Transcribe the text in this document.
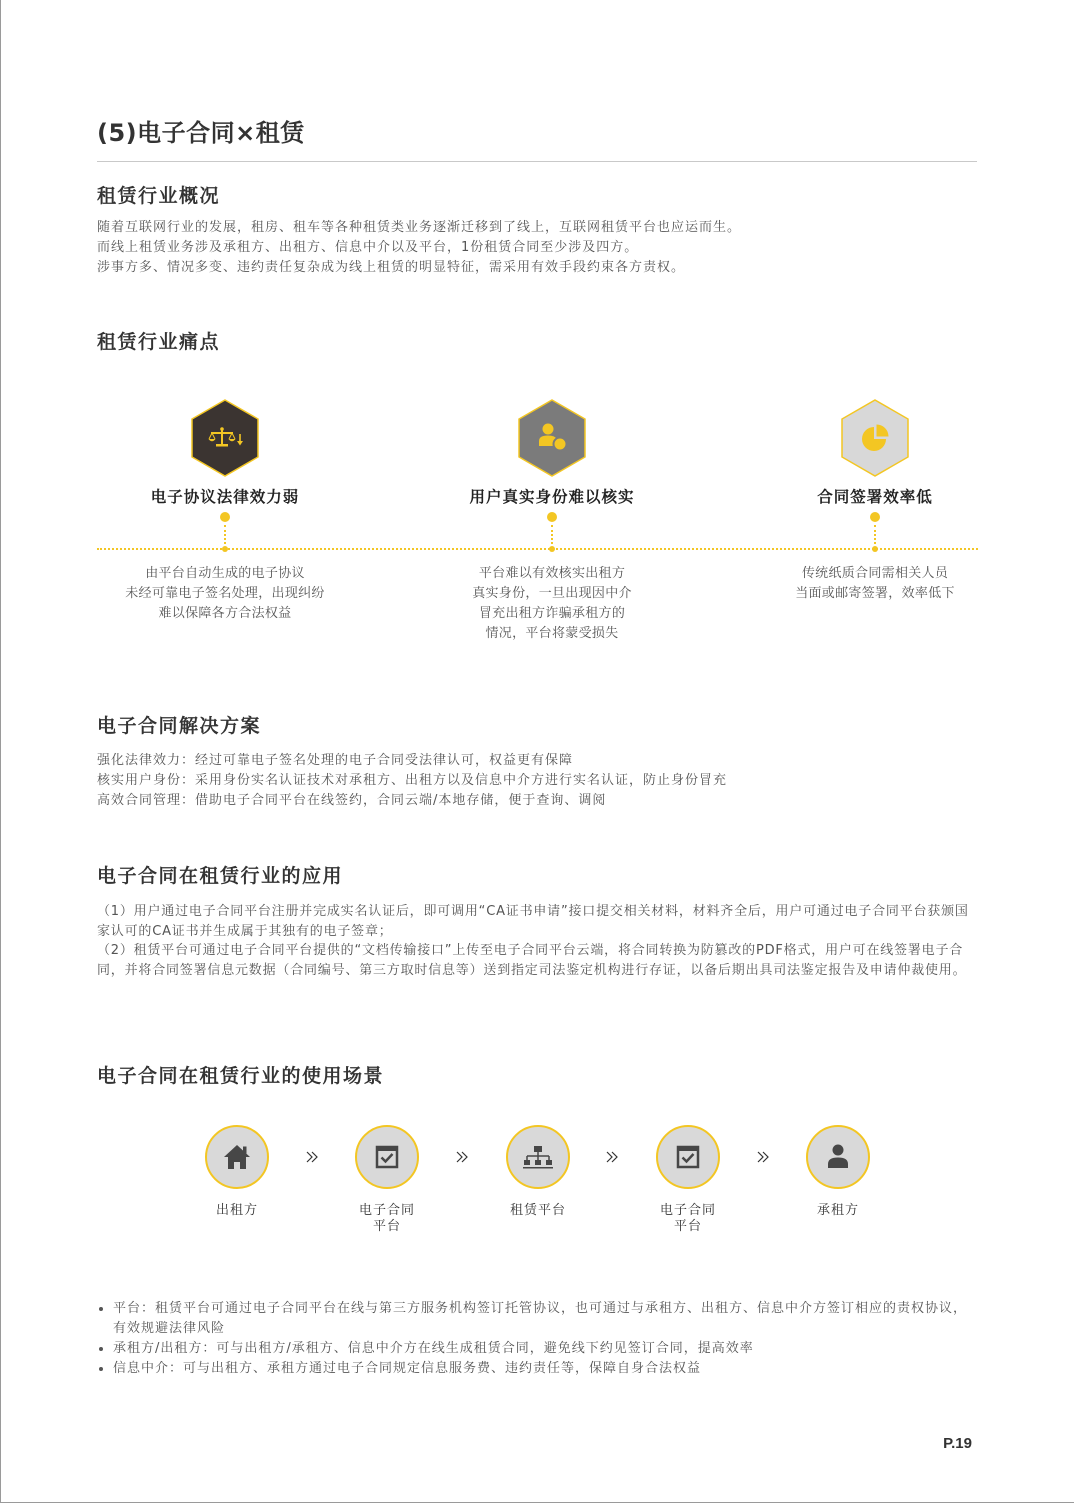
(5)电子合同×租赁
租赁行业概况
随着互联网行业的发展，租房、租车等各种租赁类业务逐渐迁移到了线上，互联网租赁平台也应运而生。
而线上租赁业务涉及承租方、出租方、信息中介以及平台，1份租赁合同至少涉及四方。
涉事方多、情况多变、违约责任复杂成为线上租赁的明显特征，需采用有效手段约束各方责权。
租赁行业痛点
电子协议法律效力弱
由平台自动生成的电子协议
未经可靠电子签名处理，出现纠纷
难以保障各方合法权益
用户真实身份难以核实
平台难以有效核实出租方
真实身份，一旦出现因中介
冒充出租方诈骗承租方的
情况，平台将蒙受损失
合同签署效率低
传统纸质合同需相关人员
当面或邮寄签署，效率低下
电子合同解决方案
强化法律效力：经过可靠电子签名处理的电子合同受法律认可，权益更有保障
核实用户身份：采用身份实名认证技术对承租方、出租方以及信息中介方进行实名认证，防止身份冒充
高效合同管理：借助电子合同平台在线签约，合同云端/本地存储，便于查询、调阅
电子合同在租赁行业的应用
（1）用户通过电子合同平台注册并完成实名认证后，即可调用“CA证书申请”接口提交相关材料，材料齐全后，用户可通过电子合同平台获颁国
家认可的CA证书并生成属于其独有的电子签章；
（2）租赁平台可通过电子合同平台提供的“文档传输接口”上传至电子合同平台云端，将合同转换为防篡改的PDF格式，用户可在线签署电子合
同，并将合同签署信息元数据（合同编号、第三方取时信息等）送到指定司法鉴定机构进行存证，以备后期出具司法鉴定报告及申请仲裁使用。
电子合同在租赁行业的使用场景
出租方	电子合同
平台
租赁平台	电子合同
平台
承租方
平台：租赁平台可通过电子合同平台在线与第三方服务机构签订托管协议，也可通过与承租方、出租方、信息中介方签订相应的责权协议，
有效规避法律风险
承租方/出租方：可与出租方/承租方、信息中介方在线生成租赁合同，避免线下约见签订合同，提高效率
信息中介：可与出租方、承租方通过电子合同规定信息服务费、违约责任等，保障自身合法权益
P.19
